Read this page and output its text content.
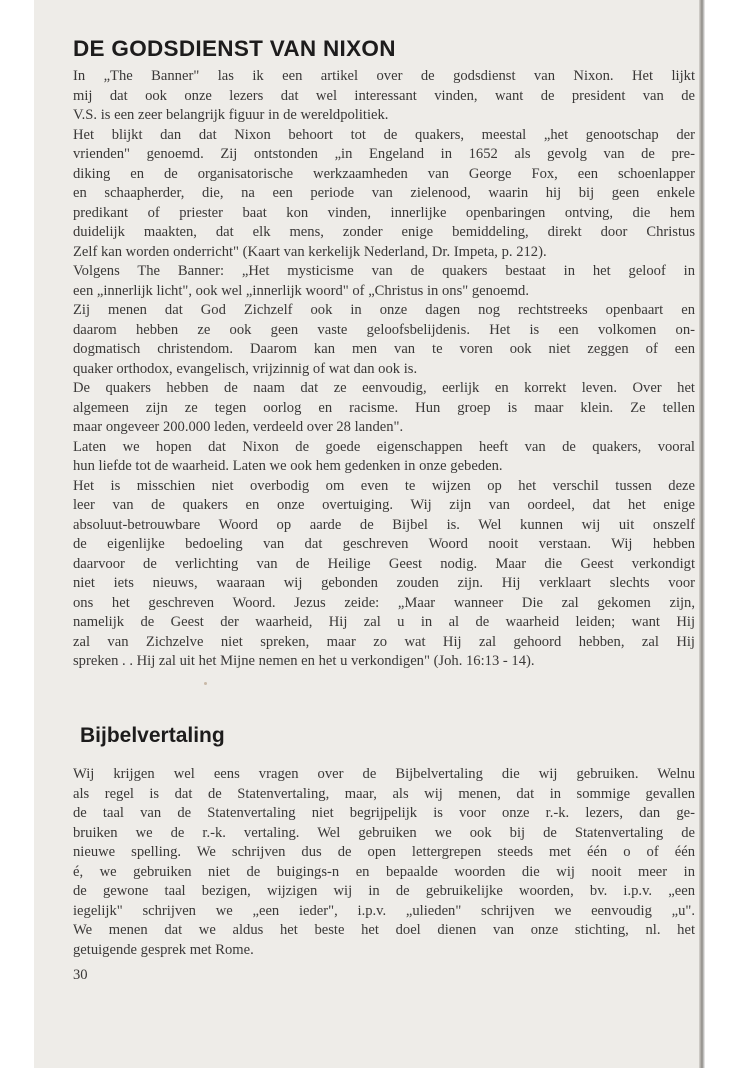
DE GODSDIENST VAN NIXON
In „The Banner" las ik een artikel over de godsdienst van Nixon. Het lijkt
mij dat ook onze lezers dat wel interessant vinden, want de president van de
V.S. is een zeer belangrijk figuur in de wereldpolitiek.
Het blijkt dan dat Nixon behoort tot de quakers, meestal „het genootschap der
vrienden" genoemd. Zij ontstonden „in Engeland in 1652 als gevolg van de pre-
diking en de organisatorische werkzaamheden van George Fox, een schoenlapper
en schaapherder, die, na een periode van zielenood, waarin hij bij geen enkele
predikant of priester baat kon vinden, innerlijke openbaringen ontving, die hem
duidelijk maakten, dat elk mens, zonder enige bemiddeling, direkt door Christus
Zelf kan worden onderricht" (Kaart van kerkelijk Nederland, Dr. Impeta, p. 212).
Volgens The Banner: „Het mysticisme van de quakers bestaat in het geloof in
een „innerlijk licht", ook wel „innerlijk woord" of „Christus in ons" genoemd.
Zij menen dat God Zichzelf ook in onze dagen nog rechtstreeks openbaart en
daarom hebben ze ook geen vaste geloofsbelijdenis. Het is een volkomen on-
dogmatisch christendom. Daarom kan men van te voren ook niet zeggen of een
quaker orthodox, evangelisch, vrijzinnig of wat dan ook is.
De quakers hebben de naam dat ze eenvoudig, eerlijk en korrekt leven. Over het
algemeen zijn ze tegen oorlog en racisme. Hun groep is maar klein. Ze tellen
maar ongeveer 200.000 leden, verdeeld over 28 landen".
Laten we hopen dat Nixon de goede eigenschappen heeft van de quakers, vooral
hun liefde tot de waarheid. Laten we ook hem gedenken in onze gebeden.
Het is misschien niet overbodig om even te wijzen op het verschil tussen deze
leer van de quakers en onze overtuiging. Wij zijn van oordeel, dat het enige
absoluut-betrouwbare Woord op aarde de Bijbel is. Wel kunnen wij uit onszelf
de eigenlijke bedoeling van dat geschreven Woord nooit verstaan. Wij hebben
daarvoor de verlichting van de Heilige Geest nodig. Maar die Geest verkondigt
niet iets nieuws, waaraan wij gebonden zouden zijn. Hij verklaart slechts voor
ons het geschreven Woord. Jezus zeide: „Maar wanneer Die zal gekomen zijn,
namelijk de Geest der waarheid, Hij zal u in al de waarheid leiden; want Hij
zal van Zichzelve niet spreken, maar zo wat Hij zal gehoord hebben, zal Hij
spreken . . Hij zal uit het Mijne nemen en het u verkondigen" (Joh. 16:13 - 14).
Bijbelvertaling
Wij krijgen wel eens vragen over de Bijbelvertaling die wij gebruiken. Welnu
als regel is dat de Statenvertaling, maar, als wij menen, dat in sommige gevallen
de taal van de Statenvertaling niet begrijpelijk is voor onze r.-k. lezers, dan ge-
bruiken we de r.-k. vertaling. Wel gebruiken we ook bij de Statenvertaling de
nieuwe spelling. We schrijven dus de open lettergrepen steeds met één o of één
é, we gebruiken niet de buigings-n en bepaalde woorden die wij nooit meer in
de gewone taal bezigen, wijzigen wij in de gebruikelijke woorden, bv. i.p.v. „een
iegelijk" schrijven we „een ieder", i.p.v. „ulieden" schrijven we eenvoudig „u".
We menen dat we aldus het beste het doel dienen van onze stichting, nl. het
getuigende gesprek met Rome.
30
